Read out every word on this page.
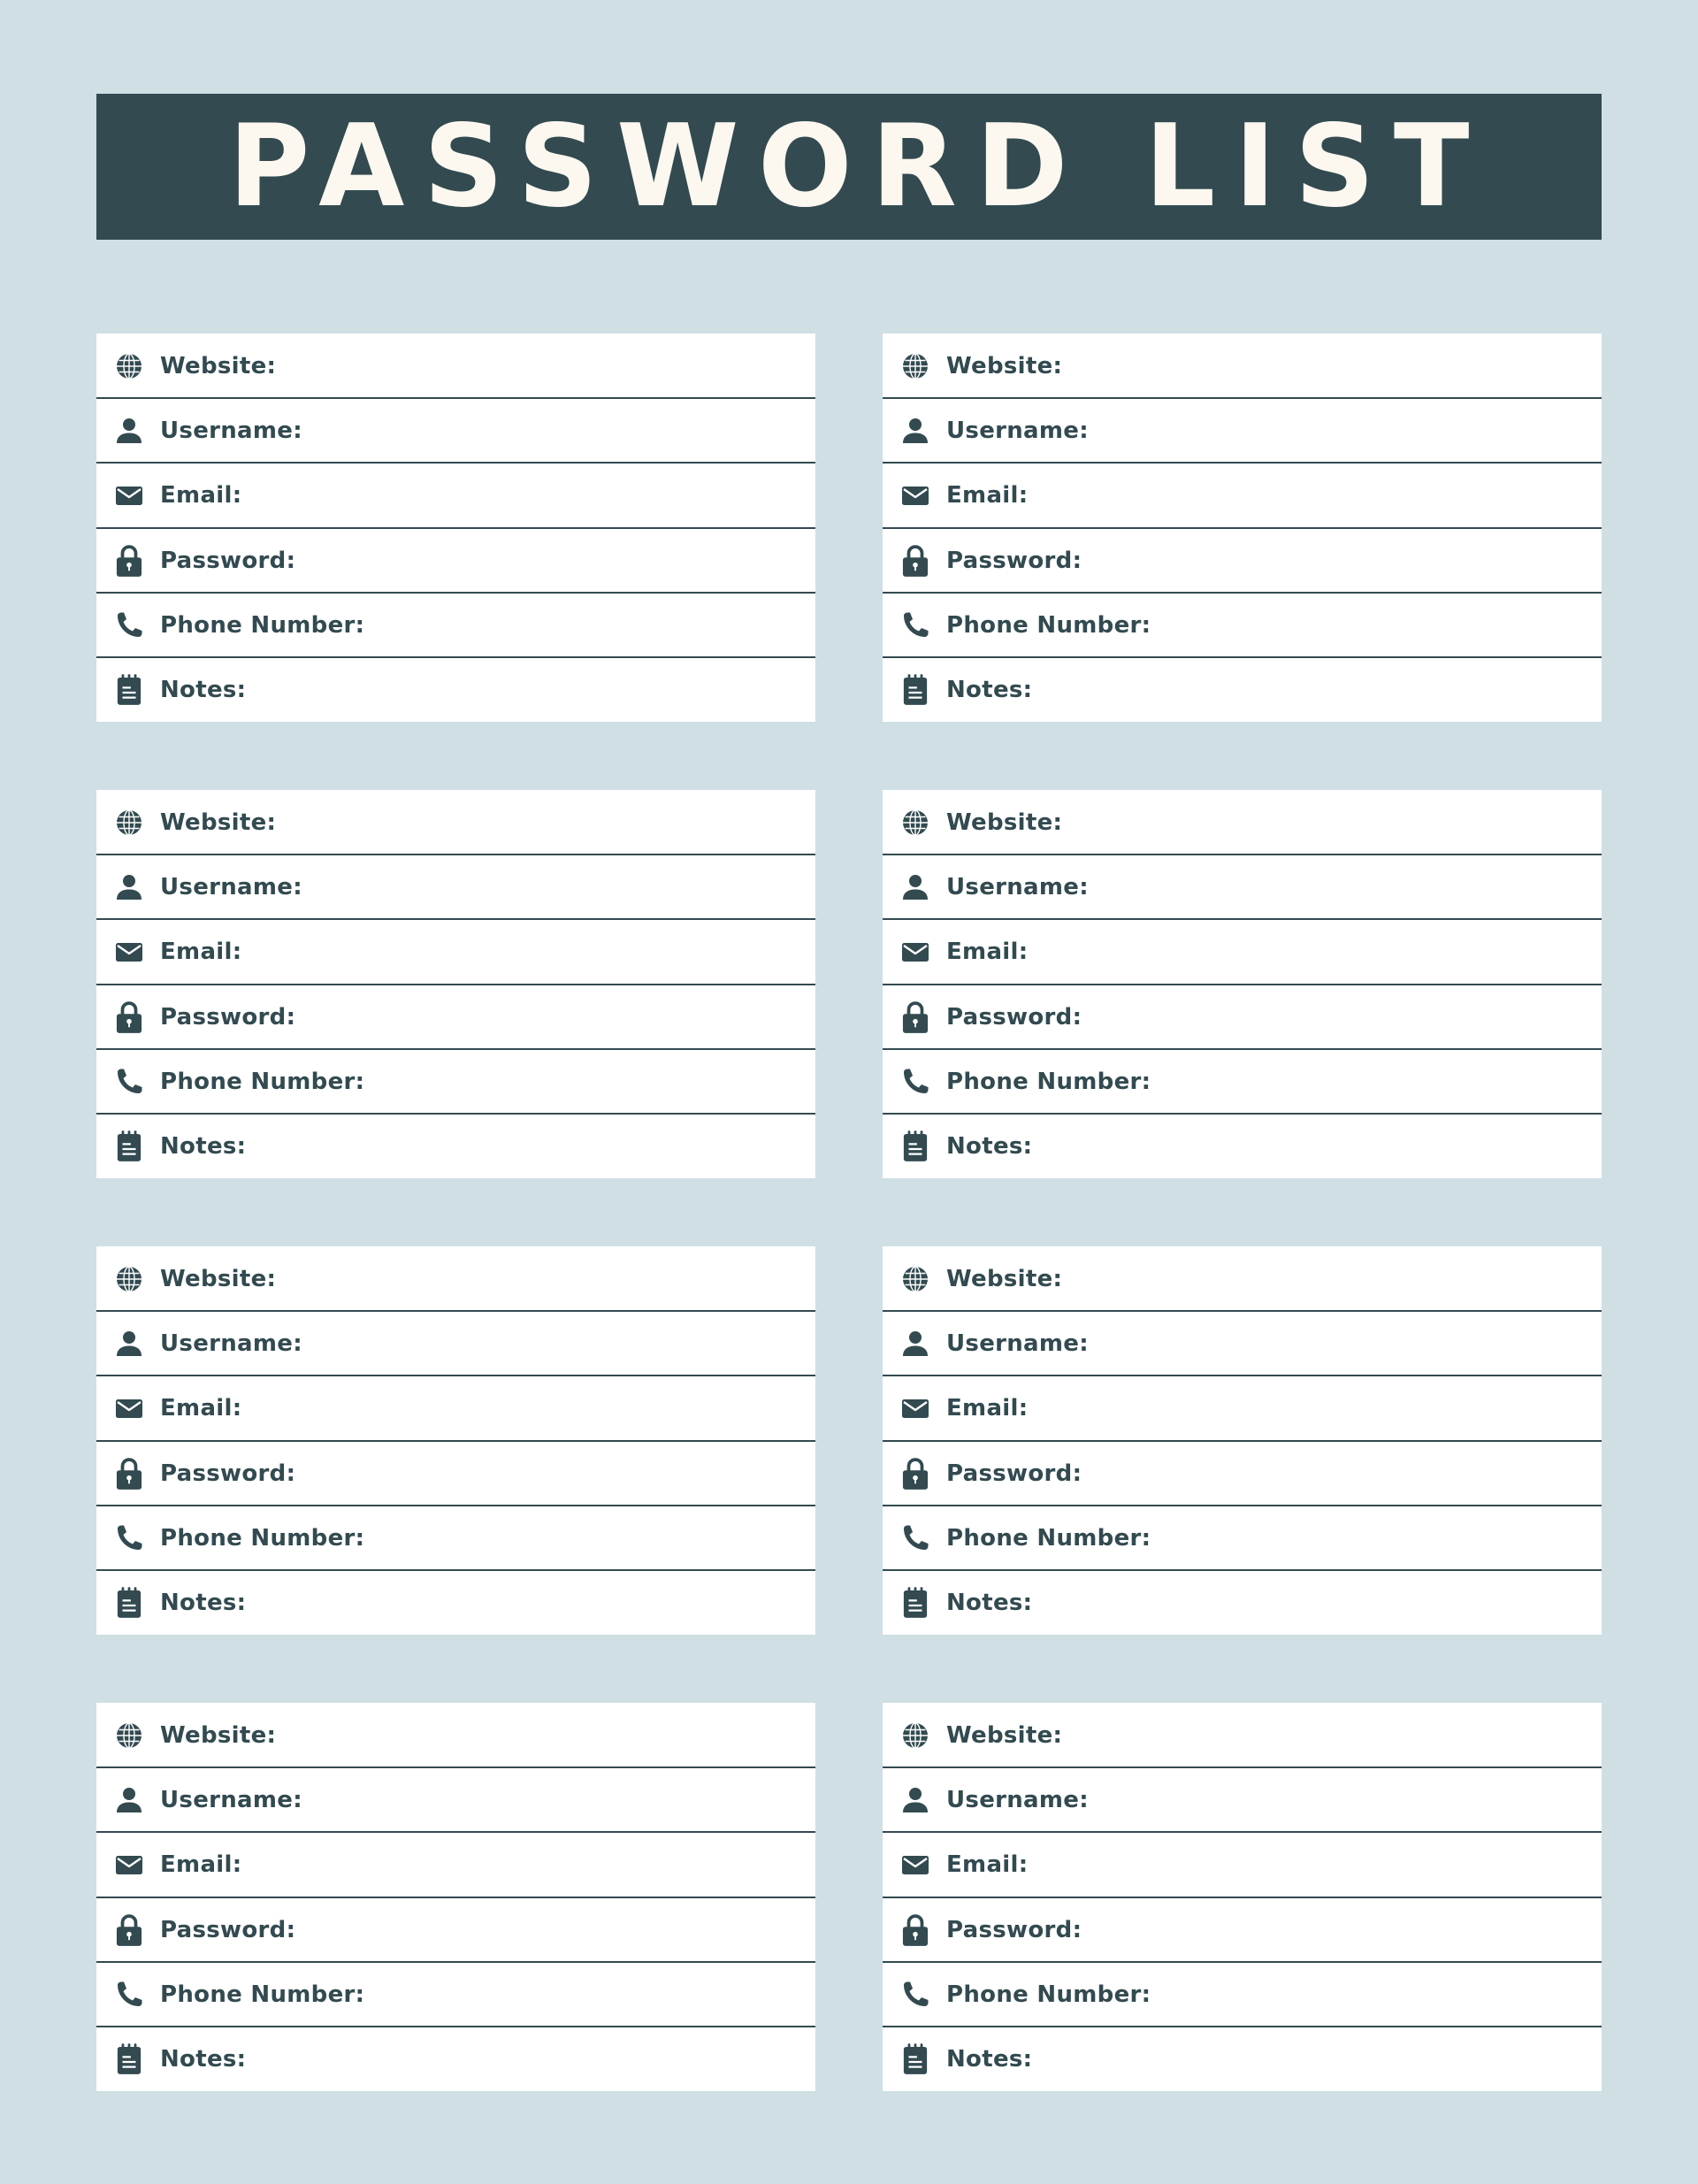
PASSWORD LIST
Website:
Username:
Email:
Password:
Phone Number:
Notes:
Website:
Username:
Email:
Password:
Phone Number:
Notes:
Website:
Username:
Email:
Password:
Phone Number:
Notes:
Website:
Username:
Email:
Password:
Phone Number:
Notes:
Website:
Username:
Email:
Password:
Phone Number:
Notes:
Website:
Username:
Email:
Password:
Phone Number:
Notes:
Website:
Username:
Email:
Password:
Phone Number:
Notes:
Website:
Username:
Email:
Password:
Phone Number:
Notes:
